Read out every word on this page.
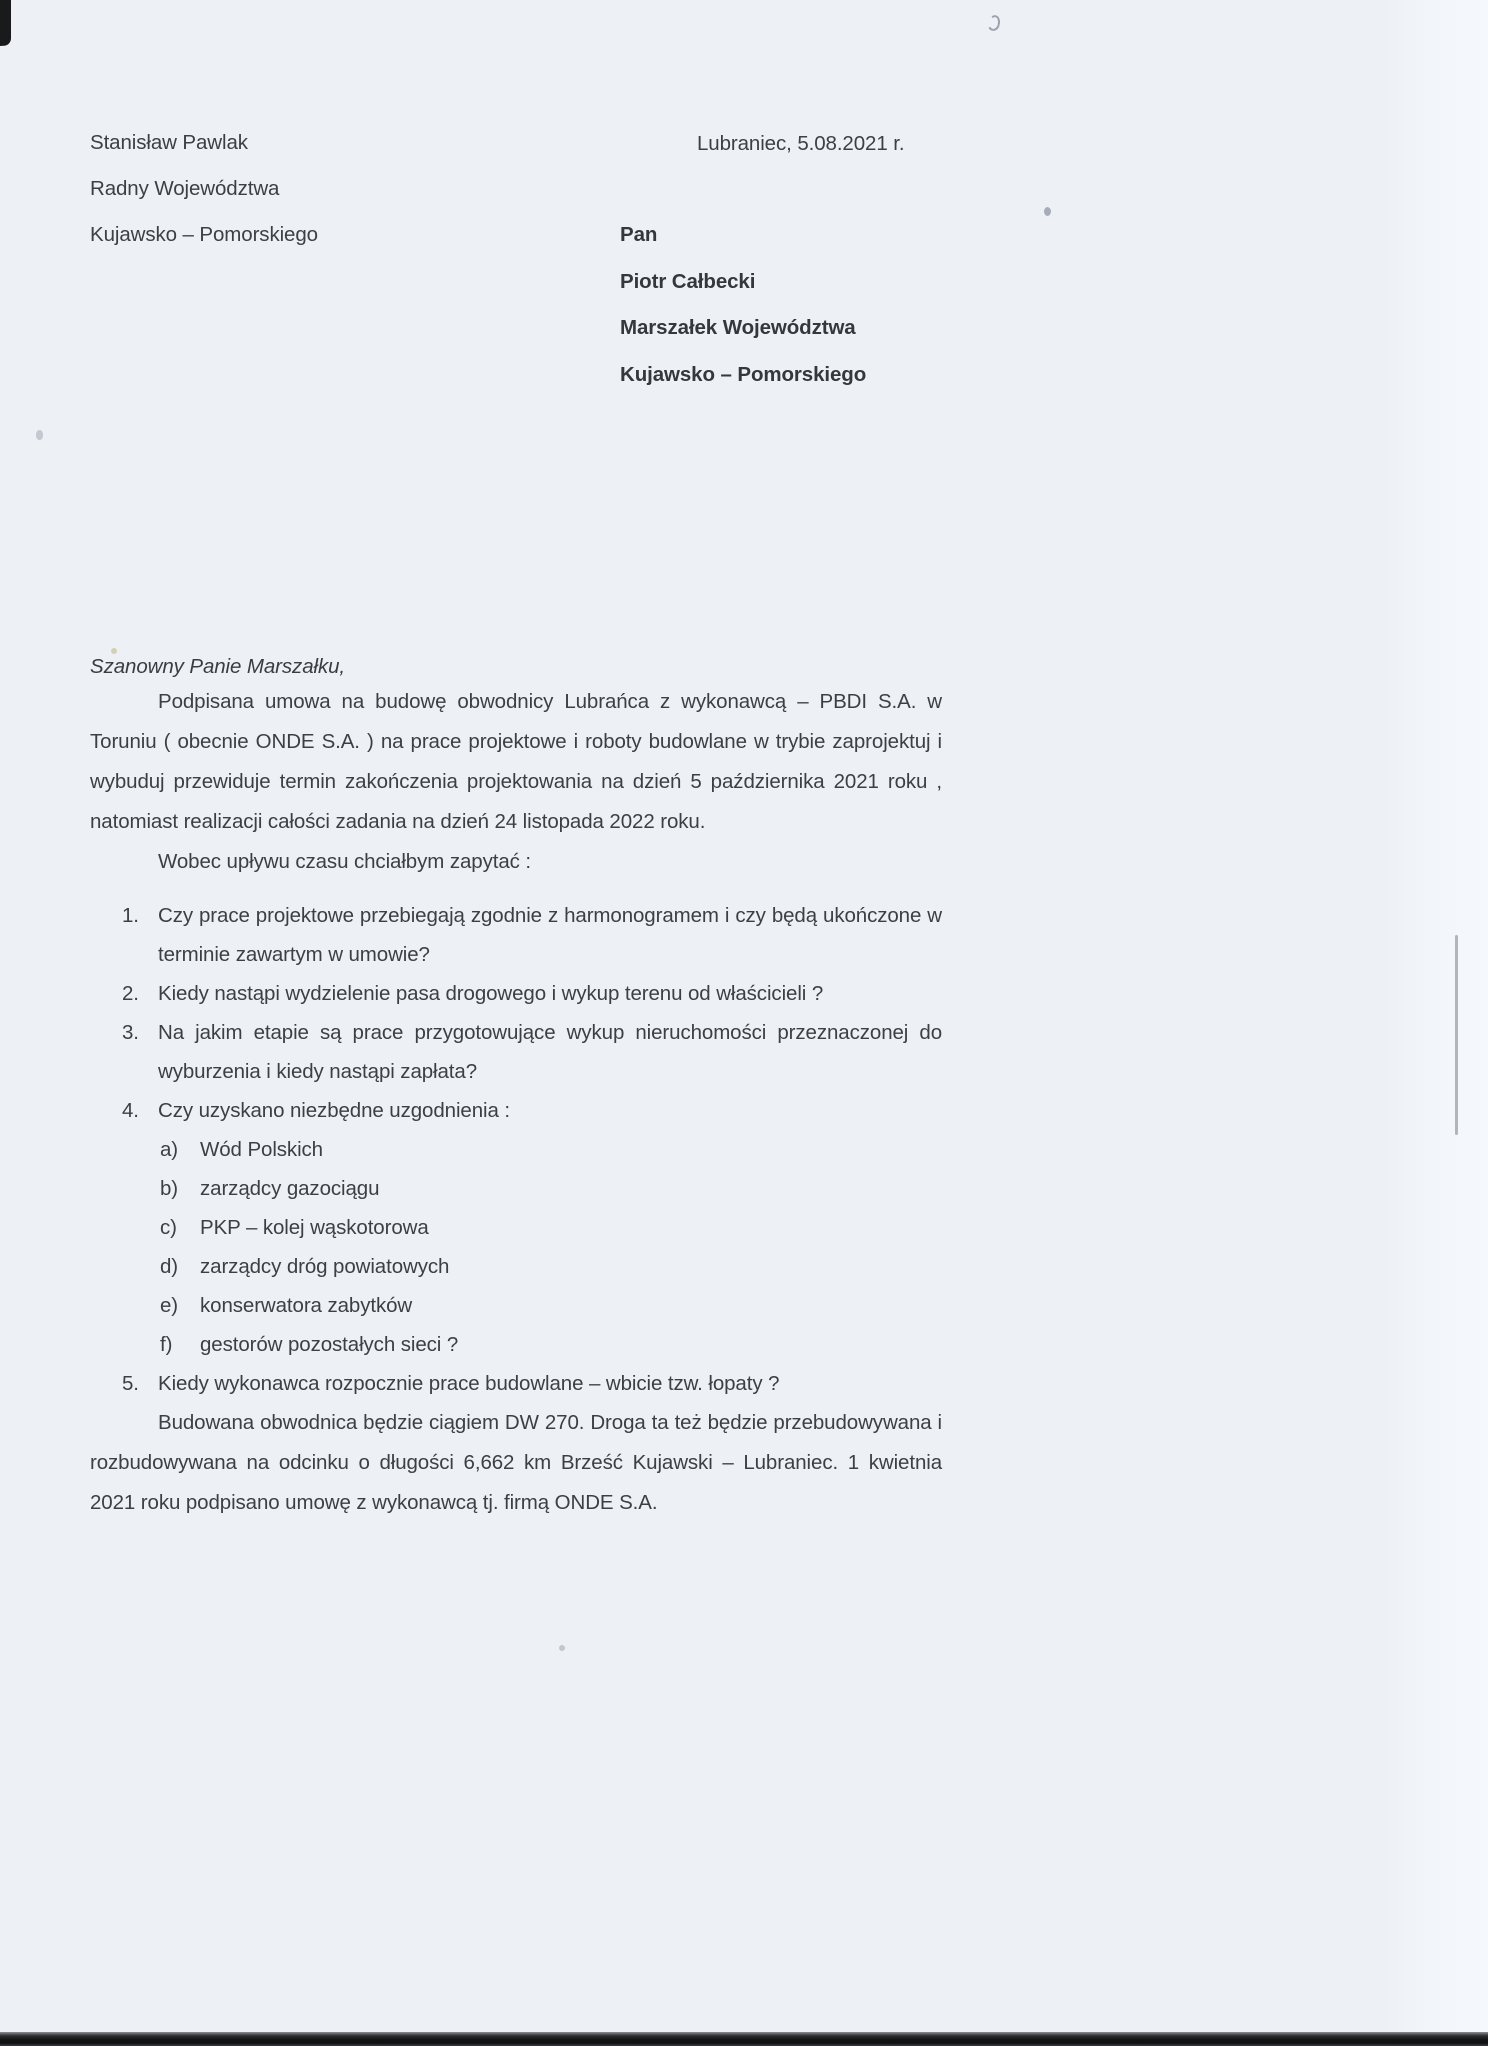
Stanisław Pawlak

Radny Województwa

Kujawsko – Pomorskiego

Lubraniec, 5.08.2021 r.

Pan

Piotr Całbecki

Marszałek Województwa

Kujawsko – Pomorskiego

Szanowny Panie Marszałku,

Podpisana umowa na budowę obwodnicy Lubrańca z wykonawcą – PBDI S.A. w Toruniu ( obecnie ONDE S.A. ) na prace projektowe i roboty budowlane w trybie zaprojektuj i wybuduj przewiduje termin zakończenia projektowania na dzień 5 października 2021 roku , natomiast realizacji całości zadania na dzień 24 listopada 2022 roku.

Wobec upływu czasu chciałbym zapytać :

1. Czy prace projektowe przebiegają zgodnie z harmonogramem i czy będą ukończone w terminie zawartym w umowie?
2. Kiedy nastąpi wydzielenie pasa drogowego i wykup terenu od właścicieli ?
3. Na jakim etapie są prace przygotowujące wykup nieruchomości przeznaczonej do wyburzenia i kiedy nastąpi zapłata?
4. Czy uzyskano niezbędne uzgodnienia :
a)	Wód Polskich
b)	zarządcy gazociągu
c)	PKP – kolej wąskotorowa
d)	zarządcy dróg powiatowych
e)	konserwatora zabytków
f)	gestorów pozostałych sieci ?
5. Kiedy wykonawca rozpocznie prace budowlane – wbicie tzw. łopaty ?

Budowana obwodnica będzie ciągiem DW 270. Droga ta też będzie przebudowywana i rozbudowywana na odcinku o długości 6,662 km Brześć Kujawski – Lubraniec. 1 kwietnia 2021 roku podpisano umowę z wykonawcą tj. firmą ONDE S.A.
